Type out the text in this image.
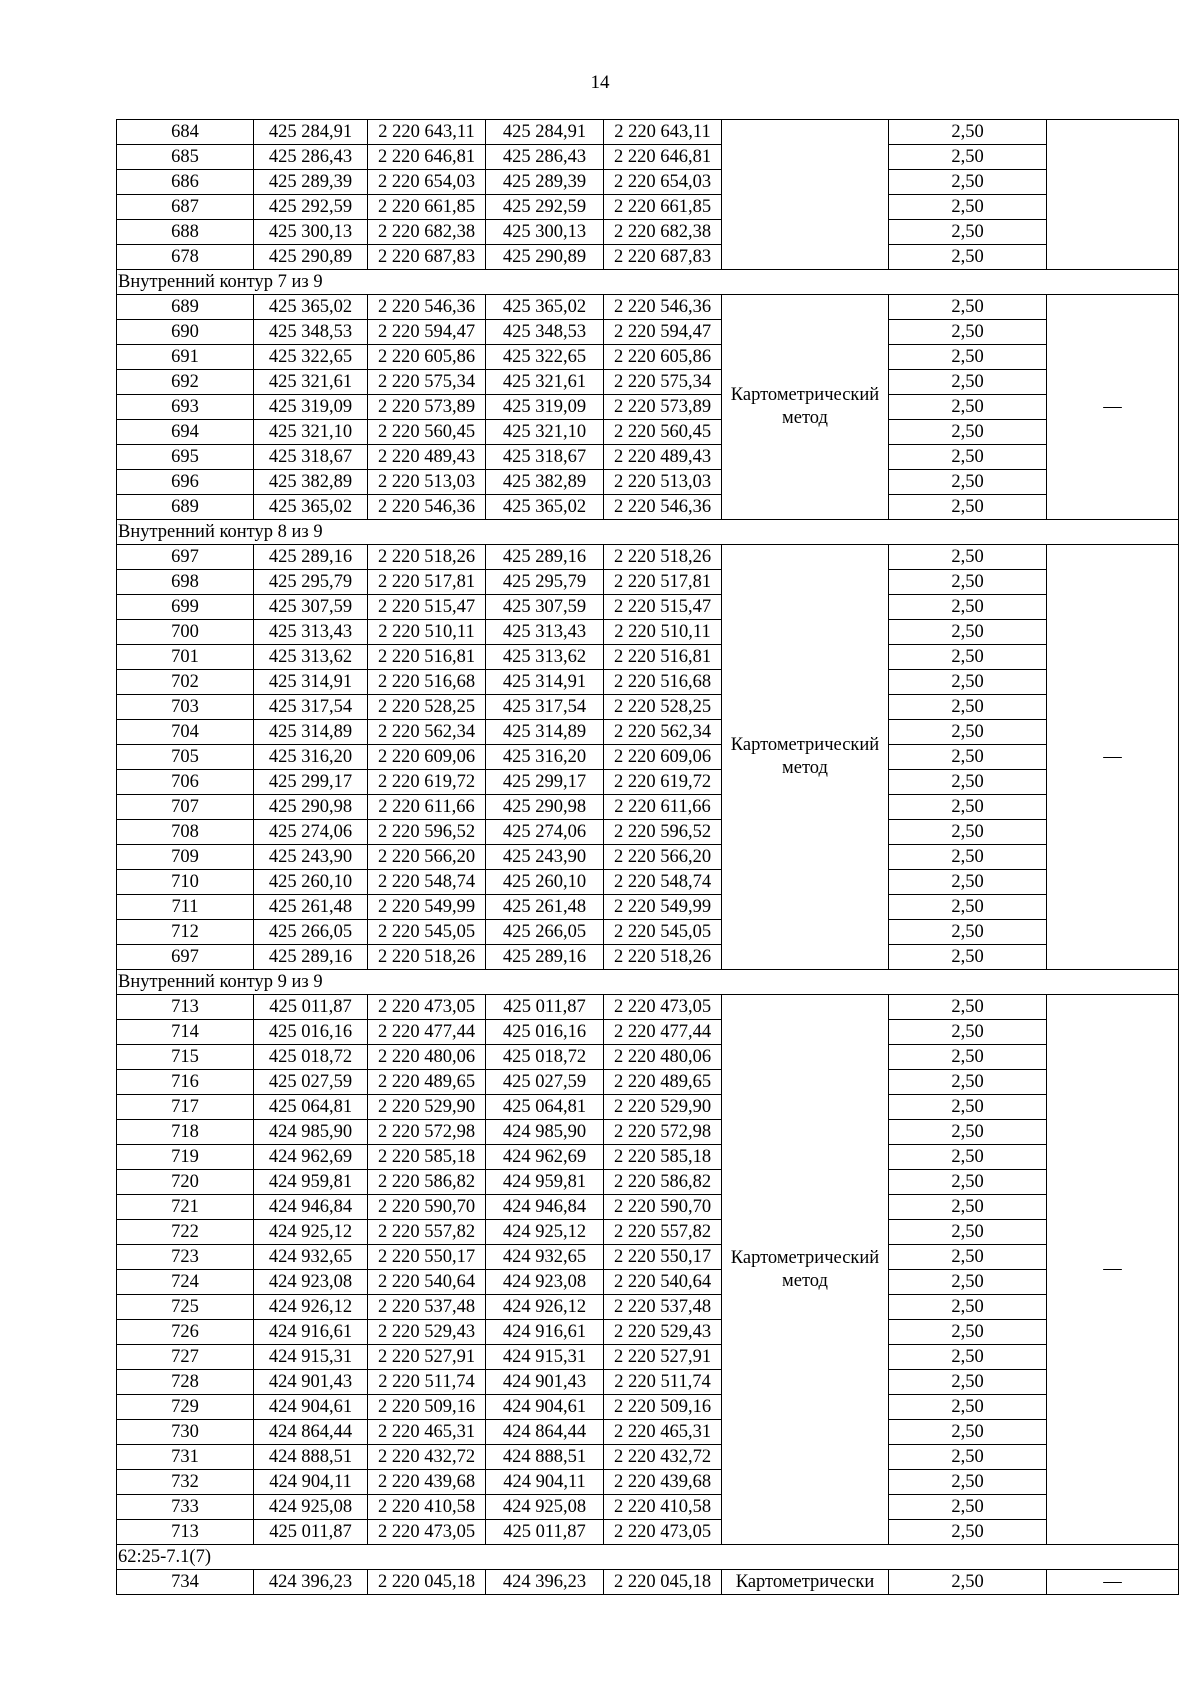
14
684	425 284,91	2 220 643,11	425 284,91	2 220 643,11		2,50	
685	425 286,43	2 220 646,81	425 286,43	2 220 646,81		2,50	
686	425 289,39	2 220 654,03	425 289,39	2 220 654,03		2,50	
687	425 292,59	2 220 661,85	425 292,59	2 220 661,85		2,50	
688	425 300,13	2 220 682,38	425 300,13	2 220 682,38		2,50	
678	425 290,89	2 220 687,83	425 290,89	2 220 687,83		2,50	
Внутренний контур 7 из 9							
689	425 365,02	2 220 546,36	425 365,02	2 220 546,36	Картометрический метод	2,50	—
690	425 348,53	2 220 594,47	425 348,53	2 220 594,47		2,50	
691	425 322,65	2 220 605,86	425 322,65	2 220 605,86		2,50	
692	425 321,61	2 220 575,34	425 321,61	2 220 575,34		2,50	
693	425 319,09	2 220 573,89	425 319,09	2 220 573,89		2,50	
694	425 321,10	2 220 560,45	425 321,10	2 220 560,45		2,50	
695	425 318,67	2 220 489,43	425 318,67	2 220 489,43		2,50	
696	425 382,89	2 220 513,03	425 382,89	2 220 513,03		2,50	
689	425 365,02	2 220 546,36	425 365,02	2 220 546,36		2,50	
Внутренний контур 8 из 9							
697	425 289,16	2 220 518,26	425 289,16	2 220 518,26	Картометрический метод	2,50	—
698	425 295,79	2 220 517,81	425 295,79	2 220 517,81		2,50	
699	425 307,59	2 220 515,47	425 307,59	2 220 515,47		2,50	
700	425 313,43	2 220 510,11	425 313,43	2 220 510,11		2,50	
701	425 313,62	2 220 516,81	425 313,62	2 220 516,81		2,50	
702	425 314,91	2 220 516,68	425 314,91	2 220 516,68		2,50	
703	425 317,54	2 220 528,25	425 317,54	2 220 528,25		2,50	
704	425 314,89	2 220 562,34	425 314,89	2 220 562,34		2,50	
705	425 316,20	2 220 609,06	425 316,20	2 220 609,06		2,50	
706	425 299,17	2 220 619,72	425 299,17	2 220 619,72		2,50	
707	425 290,98	2 220 611,66	425 290,98	2 220 611,66		2,50	
708	425 274,06	2 220 596,52	425 274,06	2 220 596,52		2,50	
709	425 243,90	2 220 566,20	425 243,90	2 220 566,20		2,50	
710	425 260,10	2 220 548,74	425 260,10	2 220 548,74		2,50	
711	425 261,48	2 220 549,99	425 261,48	2 220 549,99		2,50	
712	425 266,05	2 220 545,05	425 266,05	2 220 545,05		2,50	
697	425 289,16	2 220 518,26	425 289,16	2 220 518,26		2,50	
Внутренний контур 9 из 9							
713	425 011,87	2 220 473,05	425 011,87	2 220 473,05	Картометрический метод	2,50	—
714	425 016,16	2 220 477,44	425 016,16	2 220 477,44		2,50	
715	425 018,72	2 220 480,06	425 018,72	2 220 480,06		2,50	
716	425 027,59	2 220 489,65	425 027,59	2 220 489,65		2,50	
717	425 064,81	2 220 529,90	425 064,81	2 220 529,90		2,50	
718	424 985,90	2 220 572,98	424 985,90	2 220 572,98		2,50	
719	424 962,69	2 220 585,18	424 962,69	2 220 585,18		2,50	
720	424 959,81	2 220 586,82	424 959,81	2 220 586,82		2,50	
721	424 946,84	2 220 590,70	424 946,84	2 220 590,70		2,50	
722	424 925,12	2 220 557,82	424 925,12	2 220 557,82		2,50	
723	424 932,65	2 220 550,17	424 932,65	2 220 550,17		2,50	
724	424 923,08	2 220 540,64	424 923,08	2 220 540,64		2,50	
725	424 926,12	2 220 537,48	424 926,12	2 220 537,48		2,50	
726	424 916,61	2 220 529,43	424 916,61	2 220 529,43		2,50	
727	424 915,31	2 220 527,91	424 915,31	2 220 527,91		2,50	
728	424 901,43	2 220 511,74	424 901,43	2 220 511,74		2,50	
729	424 904,61	2 220 509,16	424 904,61	2 220 509,16		2,50	
730	424 864,44	2 220 465,31	424 864,44	2 220 465,31		2,50	
731	424 888,51	2 220 432,72	424 888,51	2 220 432,72		2,50	
732	424 904,11	2 220 439,68	424 904,11	2 220 439,68		2,50	
733	424 925,08	2 220 410,58	424 925,08	2 220 410,58		2,50	
713	425 011,87	2 220 473,05	425 011,87	2 220 473,05		2,50	
62:25-7.1(7)							
734	424 396,23	2 220 045,18	424 396,23	2 220 045,18	Картометрически	2,50	—
